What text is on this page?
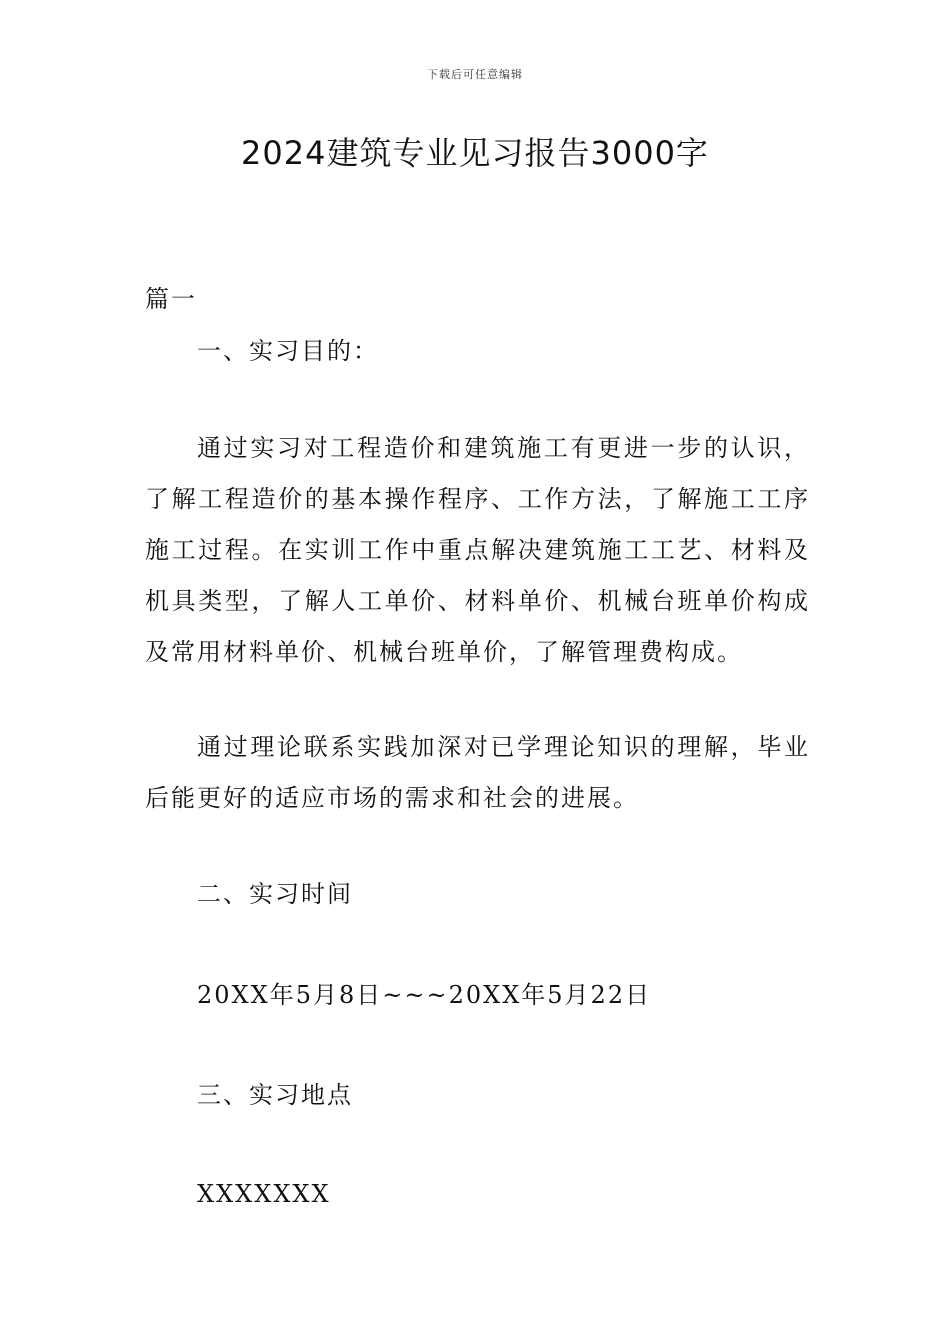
下载后可任意编辑
2024建筑专业见习报告3000字
篇一
一、实习目的：

通过实习对工程造价和建筑施工有更进一步的认识，了解工程造价的基本操作程序、工作方法，了解施工工序施工过程。在实训工作中重点解决建筑施工工艺、材料及机具类型，了解人工单价、材料单价、机械台班单价构成及常用材料单价、机械台班单价，了解管理费构成。

通过理论联系实践加深对已学理论知识的理解，毕业后能更好的适应市场的需求和社会的进展。

二、实习时间
20XX年5月8日~~~20XX年5月22日
三、实习地点
XXXXXXX
